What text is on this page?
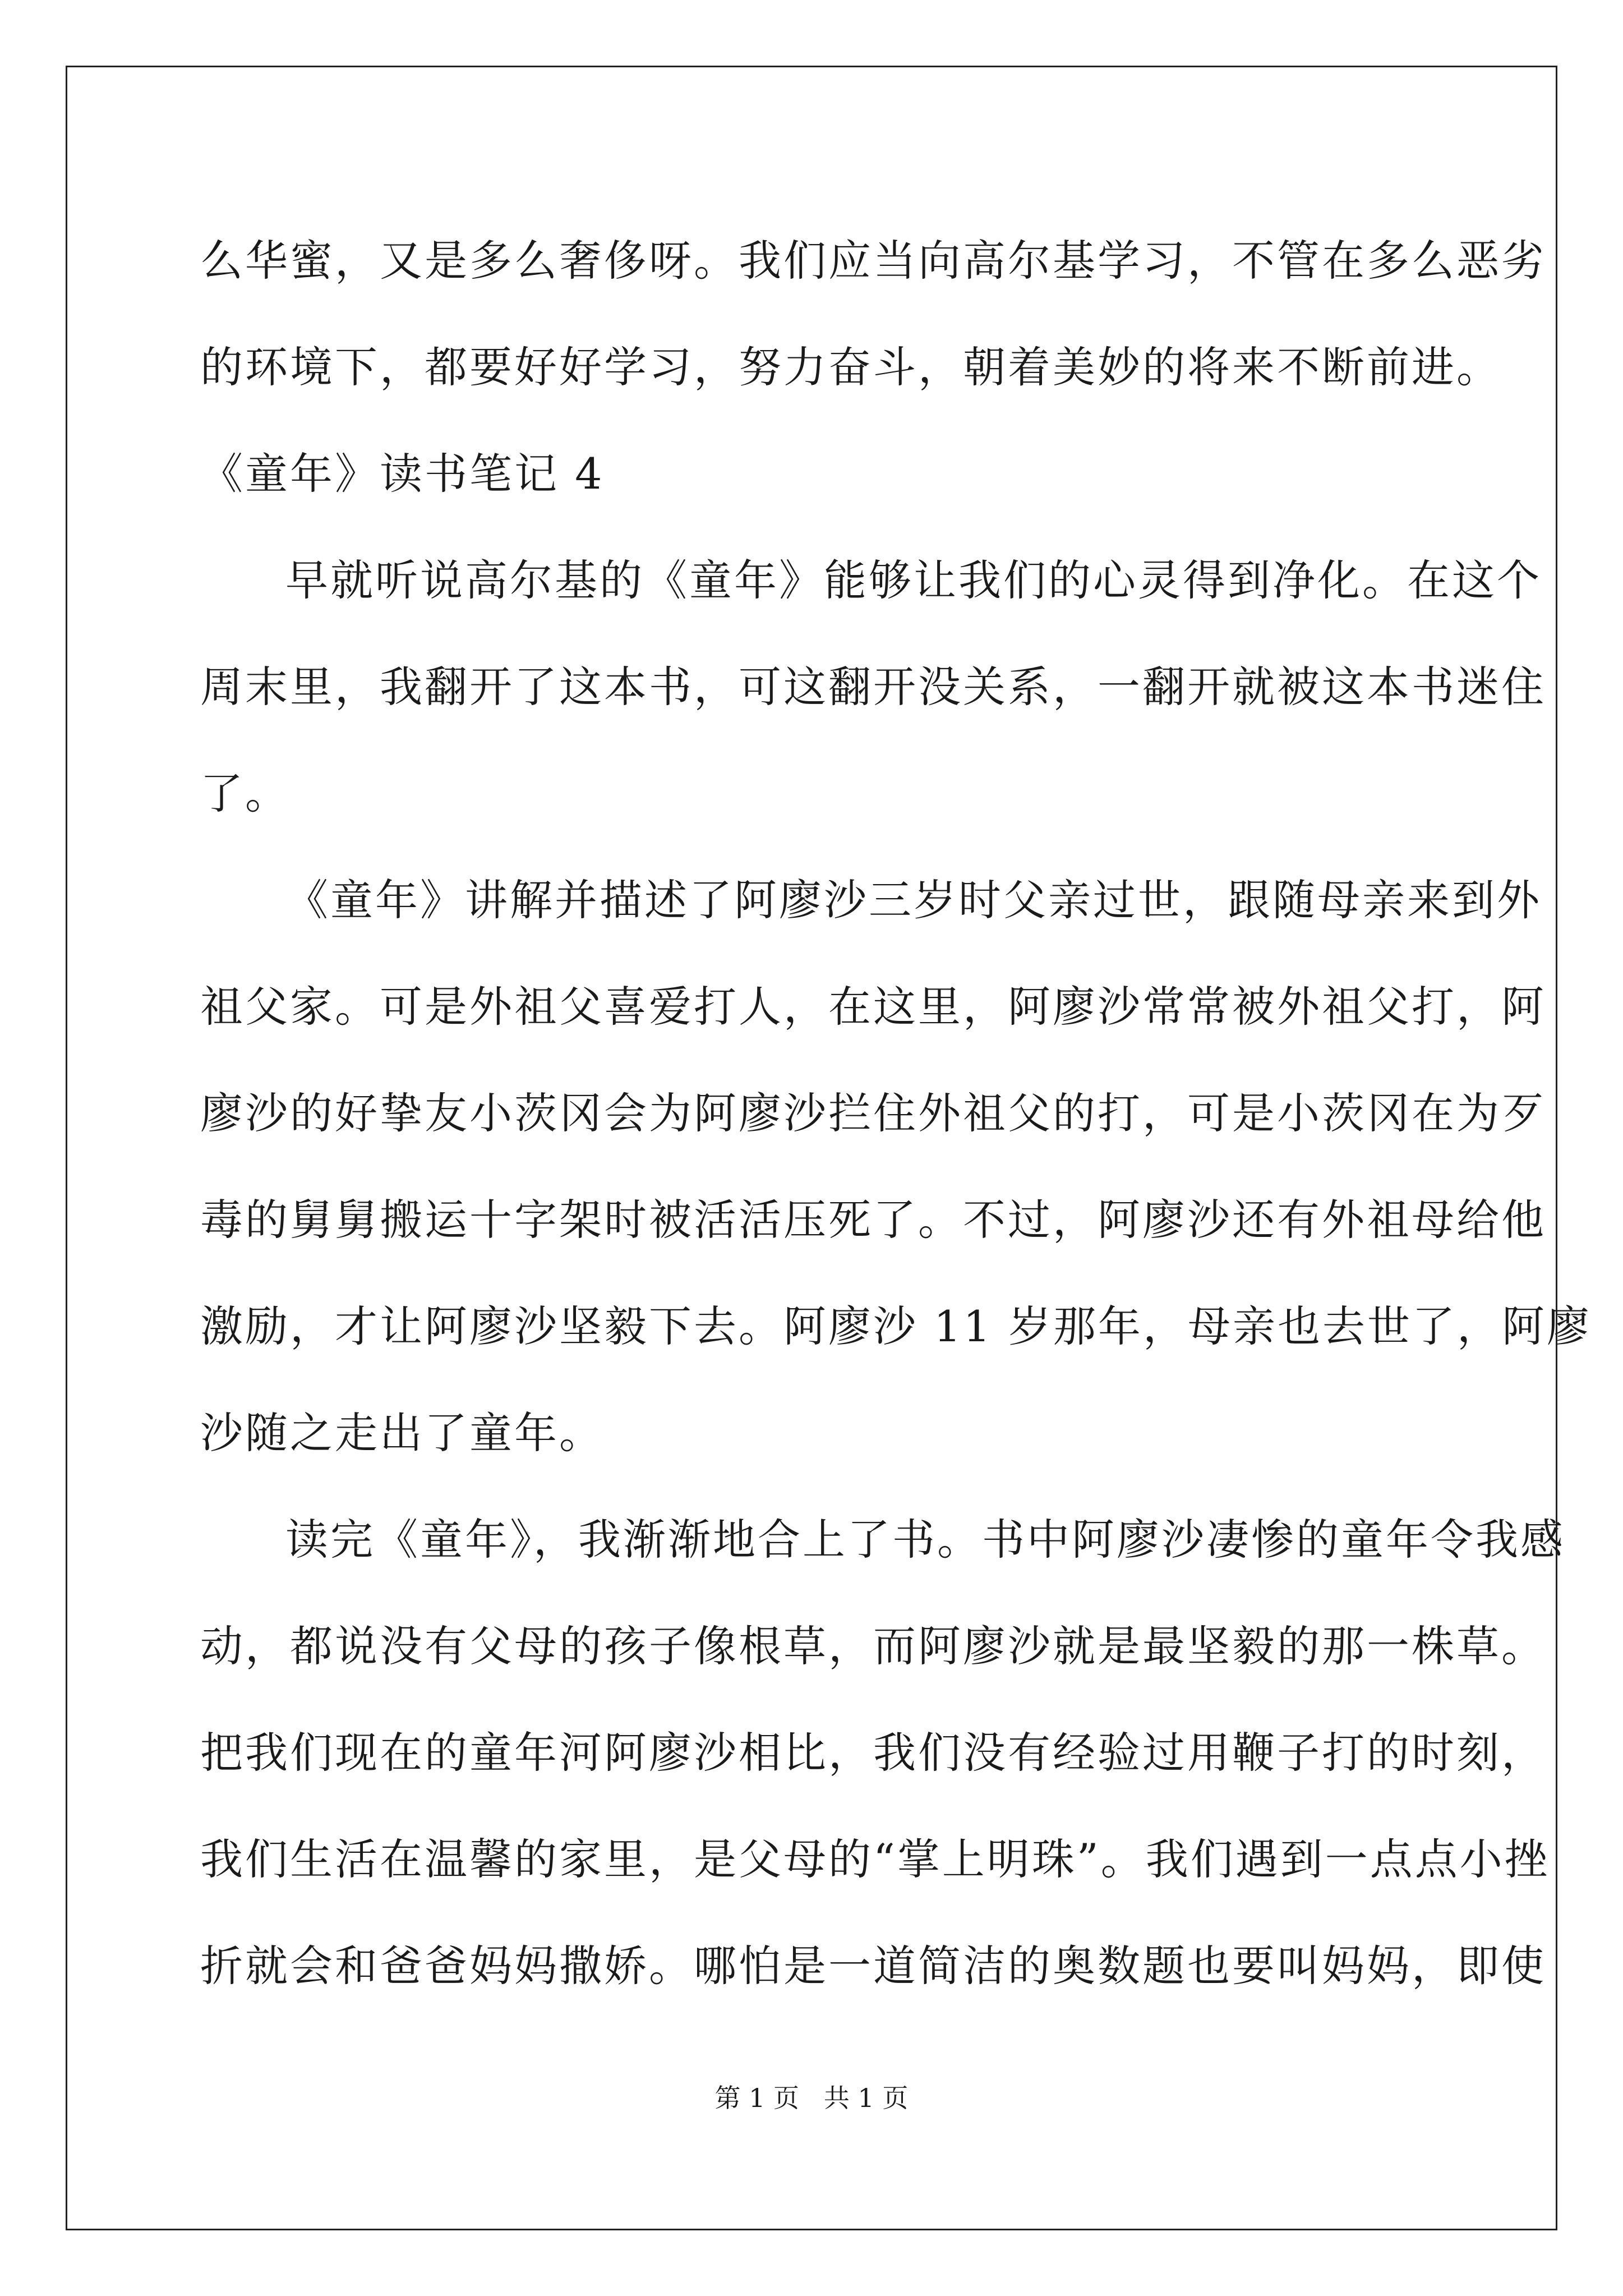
么华蜜，又是多么奢侈呀。我们应当向高尔基学习，不管在多么恶劣
的环境下，都要好好学习，努力奋斗，朝着美妙的将来不断前进。
《童年》读书笔记 4
早就听说高尔基的《童年》能够让我们的心灵得到净化。在这个
周末里，我翻开了这本书，可这翻开没关系，一翻开就被这本书迷住
了。
《童年》讲解并描述了阿廖沙三岁时父亲过世，跟随母亲来到外
祖父家。可是外祖父喜爱打人，在这里，阿廖沙常常被外祖父打，阿
廖沙的好挚友小茨冈会为阿廖沙拦住外祖父的打，可是小茨冈在为歹
毒的舅舅搬运十字架时被活活压死了。不过，阿廖沙还有外祖母给他
激励，才让阿廖沙坚毅下去。阿廖沙 11 岁那年，母亲也去世了，阿廖
沙随之走出了童年。
读完《童年》，我渐渐地合上了书。书中阿廖沙凄惨的童年令我感
动，都说没有父母的孩子像根草，而阿廖沙就是最坚毅的那一株草。
把我们现在的童年河阿廖沙相比，我们没有经验过用鞭子打的时刻，
我们生活在温馨的家里，是父母的“掌上明珠”。我们遇到一点点小挫
折就会和爸爸妈妈撒娇。哪怕是一道简洁的奥数题也要叫妈妈，即使
第 1 页   共 1 页
